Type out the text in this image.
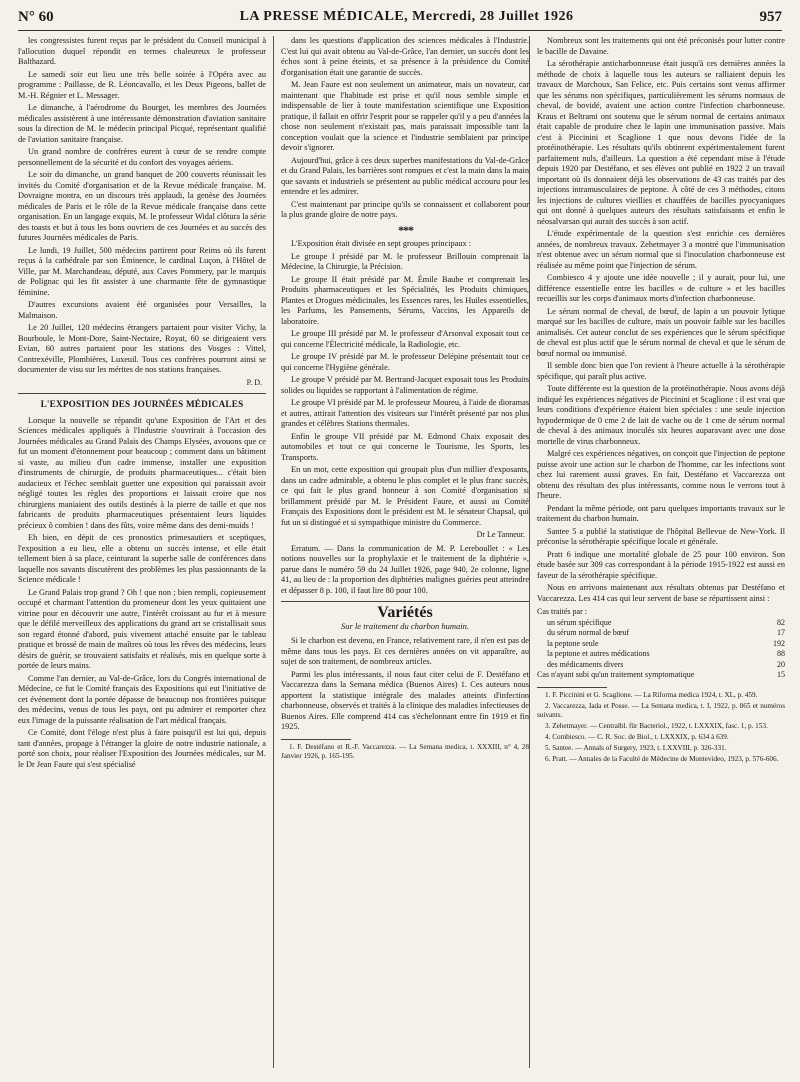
N° 60	LA PRESSE MÉDICALE, Mercredi, 28 Juillet 1926	957

les congressistes furent reçus par le président du Conseil municipal à l'allocution duquel répondit en termes chaleureux le professeur Balthazard.

Le samedi soir eut lieu une très belle soirée à l'Opéra avec au programme : Paillasse, de R. Léoncavallo, et les Deux Pigeons, ballet de M.-H. Régnier et L. Messager.

Le dimanche, à l'aérodrome du Bourget, les membres des Journées médicales assistèrent à une intéressante démonstration d'aviation sanitaire sous la direction de M. le médecin principal Picqué, représentant qualifié de l'aviation sanitaire française.

Un grand nombre de confrères eurent à cœur de se rendre compte personnellement de la sécurité et du confort des voyages aériens.

Le soir du dimanche, un grand banquet de 200 couverts réunissait les invités du Comité d'organisation et de la Revue médicale française. M. Dovraigne montra, en un discours très applaudi, la genèse des Journées médicales de Paris et le rôle de la Revue médicale française dans cette organisation. En un langage exquis, M. le professeur Widal clôtura la série des toasts et but à tous les bons ouvriers de ces Journées et au succès des futures Journées médicales de Paris.

Le lundi, 19 Juillet, 500 médecins partirent pour Reims où ils furent reçus à la cathédrale par son Éminence, le cardinal Luçon, à l'Hôtel de Ville, par M. Marchandeau, député, aux Caves Pommery, par le marquis de Polignac qui les fit assister à une charmante fête de gymnastique féminine.

D'autres excursions avaient été organisées pour Versailles, la Malmaison.

Le 20 Juillet, 120 médecins étrangers partaient pour visiter Vichy, la Bourboule, le Mont-Dore, Saint-Nectaire, Royat, 60 se dirigeaient vers Evian, 60 autres partaient pour les stations des Vosges : Vittel, Contrexéville, Plombières, Luxeuil. Tous ces confrères pourront ainsi se documenter de visu sur les mérites de nos stations françaises.

P. D.
L'EXPOSITION DES JOURNÉES MÉDICALES

Lorsque la nouvelle se répandit qu'une Exposition de l'Art et des Sciences médicales appliqués à l'Industrie s'ouvrirait à l'occasion des Journées médicales au Grand Palais des Champs Elysées, avouons que ce fut un moment d'étonnement pour beaucoup ; comment dans un bâtiment si vaste, au milieu d'un cadre immense, installer une exposition d'instruments de chirurgie, de produits pharmaceutiques... c'était bien audacieux et l'échec semblait guetter une exposition qui paraissait avoir négligé toutes les règles des proportions et laissait croire que nos chirurgiens maniaient des outils destinés à la pierre de taille et que nos fabricants de produits pharmaceutiques présentaient leurs liquides précieux ô combien ! dans des fûts, voire même dans des demi-muids !

Eh bien, en dépit de ces pronostics primesautiers et sceptiques, l'exposition a eu lieu, elle a obtenu un succès intense, et elle était tellement bien à sa place, ceinturant la superbe salle de conférences dans laquelle nos savants discutèrent des problèmes les plus passionnants de la Science médicale !

Le Grand Palais trop grand ? Oh ! que non ; bien rempli, copieusement occupé et charmant l'attention du promeneur dont les yeux quittaient une vitrine pour en découvrir une autre, l'intérêt croissant au fur et à mesure que le défilé merveilleux des applications du grand art se cristallisait sous son regard étonné d'abord, puis vivement attaché ensuite par le tableau pratique et brossé de main de maîtres où tous les rêves des médecins, leurs désirs de guérir, se trouvaient satisfaits et réalisés, mis en quelque sorte à portée de leurs mains.

Comme l'an dernier, au Val-de-Grâce, lors du Congrès international de Médecine, ce fut le Comité français des Expositions qui eut l'initiative de cet événement dont la portée dépasse de beaucoup nos frontières puisque des médecins, venus de tous les pays, ont pu admirer et remporter chez eux l'image de la puissante réalisation de l'art médical français.

Ce Comité, dont l'éloge n'est plus à faire puisqu'il est lui qui, depuis tant d'années, propage à l'étranger la gloire de notre industrie nationale, a porté son choix, pour réaliser l'Exposition des Journées médicales, sur M. le Dr Jean Faure qui s'est spécialisé

dans les questions d'application des sciences médicales à l'Industrie. C'est lui qui avait obtenu au Val-de-Grâce, l'an dernier, un succès dont les échos sont à peine éteints, et sa présence à la présidence du Comité d'organisation était une garantie de succès.

M. Jean Faure est non seulement un animateur, mais un novateur, car maintenant que l'habitude est prise et qu'il nous semble simple et indispensable de lier à toute manifestation scientifique une Exposition pratique, il fallait en offrir l'esprit pour se rappeler qu'il y a peu d'années la chose non seulement n'existait pas, mais paraissait impossible tant la conception voulait que la science et l'industrie semblaient par principe devoir s'ignorer.

Aujourd'hui, grâce à ces deux superbes manifestations du Val-de-Grâce et du Grand Palais, les barrières sont rompues et c'est la main dans la main que savants et industriels se présentent au public médical accouru pour les entendre et les admirer.

C'est maintenant par principe qu'ils se connaissent et collaborent pour la plus grande gloire de notre pays.

* * *

L'Exposition était divisée en sept groupes principaux :

Le groupe I présidé par M. le professeur Brillouin comprenait la Médecine, la Chirurgie, la Précision.

Le groupe II était présidé par M. Émile Baube et comprenait les Produits pharmaceutiques et les Spécialités, les Produits chimiques, Plantes et Drogues médicinales, les Essences rares, les Huiles essentielles, les Parfums, les Pansements, Sérums, Vaccins, les Appareils de laboratoire.

Le groupe III présidé par M. le professeur d'Arsonval exposait tout ce qui concerne l'Électricité médicale, la Radiologie, etc.

Le groupe IV présidé par M. le professeur Delépine présentait tout ce qui concerne l'Hygiène générale.

Le groupe V présidé par M. Bertrand-Jacquet exposait tous les Produits solides ou liquides se rapportant à l'alimentation de régime.

Le groupe VI présidé par M. le professeur Moureu, à l'aide de dioramas et autres, attirait l'attention des visiteurs sur l'intérêt présenté par nos plus grandes et célèbres Stations thermales.

Enfin le groupe VII présidé par M. Edmond Chaix exposait des automobiles et tout ce qui concerne le Tourisme, les Sports, les Transports.

En un mot, cette exposition qui groupait plus d'un millier d'exposants, dans un cadre admirable, a obtenu le plus complet et le plus franc succès, ce qui fait le plus grand honneur à son Comité d'organisation si brillamment présidé par M. le Président Faure, et aussi au Comité Français des Expositions dont le président est M. le sénateur Chapsal, qui fut un si distingué et si sympathique ministre du Commerce.

Dr Le Tanneur.

Erratum. — Dans la communication de M. P. Lereboullet : « Les notions nouvelles sur la prophylaxie et le traitement de la diphtérie », parue dans le numéro 59 du 24 Juillet 1926, page 940, 2e colonne, ligne 41, au lieu de : la proportion des diphtéries malignes guéries peut atteindre et dépasser 8 p. 100, il faut lire 80 pour 100.

Variétés
Sur le traitement du charbon humain.

Si le charbon est devenu, en France, relativement rare, il n'en est pas de même dans tous les pays. Et ces dernières années on vit apparaître, au sujet de son traitement, de nombreux articles.

Parmi les plus intéressants, il nous faut citer celui de F. Destéfano et Vaccarezza dans la Semana médica (Buenos Aires) 1. Ces auteurs nous apportent la statistique intégrale des malades atteints d'infection charbonneuse, observés et traités à la clinique des maladies infectieuses de Buenos Aires. Elle comprend 414 cas s'échelonnant entre fin 1919 et fin 1925.

1. F. Destéfano et R.-F. Vaccarezza. — La Semana medica, t. XXXIII, n° 4, 28 Janvier 1926, p. 165-195.

Nombreux sont les traitements qui ont été préconisés pour lutter contre le bacille de Davaine.

La sérothérapie anticharbonneuse était jusqu'à ces dernières années la méthode de choix à laquelle tous les auteurs se ralliaient depuis les travaux de Marchoux, San Felice, etc. Puis certains sont venus affirmer que les sérums non spécifiques, particulièrement les sérums normaux de cheval, de bovidé, avaient une action contre l'infection charbonneuse. Kraus et Beltrami ont soutenu que le sérum normal de certains animaux était capable de produire chez le lapin une immunisation passive. Mais c'est à Piccinini et Scaglione 1 que nous devons l'idée de la protéinothérapie. Les résultats qu'ils obtinrent expérimentalement furent parfaitement nuls, d'ailleurs. La question a été cependant mise à l'étude depuis 1920 par Destéfano, et ses élèves ont publié en 1922 2 un travail important où ils donnaient déjà les observations de 43 cas traités par des injections intramusculaires de peptone. À côté de ces 3 méthodes, citons les injections de cultures vieillies et chauffées de bacilles pyocyaniques qui ont donné à quelques auteurs des résultats satisfaisants et enfin le néosalvarsan qui aurait des succès à son actif.

L'étude expérimentale de la question s'est enrichie ces dernières années, de nombreux travaux. Zehetmayer 3 a montré que l'immunisation n'est obtenue avec un sérum normal que si l'inoculation charbonneuse est réalisée au même point que l'injection de sérum.

Combiesco 4 y ajoute une idée nouvelle ; il y aurait, pour lui, une différence essentielle entre les bacilles « de culture » et les bacilles recueillis sur les corps d'animaux morts d'infection charbonneuse.

Le sérum normal de cheval, de bœuf, de lapin a un pouvoir lytique marqué sur les bacilles de culture, mais un pouvoir faible sur les bacilles animalisés. Cet auteur conclut de ses expériences que le sérum spécifique de cheval est plus actif que le sérum normal de cheval et que le sérum de bœuf normal ou immunisé.

Il semble donc bien que l'on revient à l'heure actuelle à la sérothérapie spécifique, qui paraît plus active.

Toute différente est la question de la protéinothérapie. Nous avons déjà indiqué les expériences négatives de Piccinini et Scaglione : il est vrai que leurs conditions d'expérience étaient bien spéciales : une seule injection hypodermique de 0 cme 2 de lait de vache ou de 1 cme de sérum normal de cheval à des animaux inoculés six heures auparavant avec une dose mortelle de virus charbonneux.

Malgré ces expériences négatives, on conçoit que l'injection de peptone puisse avoir une action sur le charbon de l'homme, car les infections sont chez lui rarement aussi graves. En fait, Destéfano et Vaccarezza ont obtenu des résultats des plus intéressants, comme nous le verrons tout à l'heure.

Pendant la même période, ont paru quelques importants travaux sur le traitement du charbon humain.

Santee 5 a publié la statistique de l'hôpital Bellevue de New-York. Il préconise la sérothérapie spécifique locale et générale.

Pratt 6 indique une mortalité globale de 25 pour 100 environ. Son étude basée sur 309 cas correspondant à la période 1915-1922 est aussi en faveur de la sérothérapie spécifique.

Nous en arrivons maintenant aux résultats obtenus par Destéfano et Vaccarezza. Les 414 cas qui leur servent de base se répartissent ainsi :

Cas traités par :
un sérum spécifique	82
du sérum normal de bœuf	17
la peptone seule	192
la peptone et autres médications	88
des médicaments divers	20
Cas n'ayant subi qu'un traitement symptomatique	15

1. F. Piccinini et G. Scaglione. — La Riforma medica 1924, t. XL, p. 459.

2. Vaccarezza, Iada et Posse. — La Semana medica, t. I, 1922, p. 865 et numéros suivants.

3. Zehetmayer. — Centralbl. für Bacteriol., 1922, t. LXXXIX, fasc. 1, p. 153.

4. Combiesco. — C. R. Soc. de Biol., t. LXXXIX, p. 634 à 639.

5. Santee. — Annals of Surgery, 1923, t. LXXVIII, p. 326-331.

6. Pratt. — Annales de la Faculté de Médecine de Montevideo, 1923, p. 576-606.
